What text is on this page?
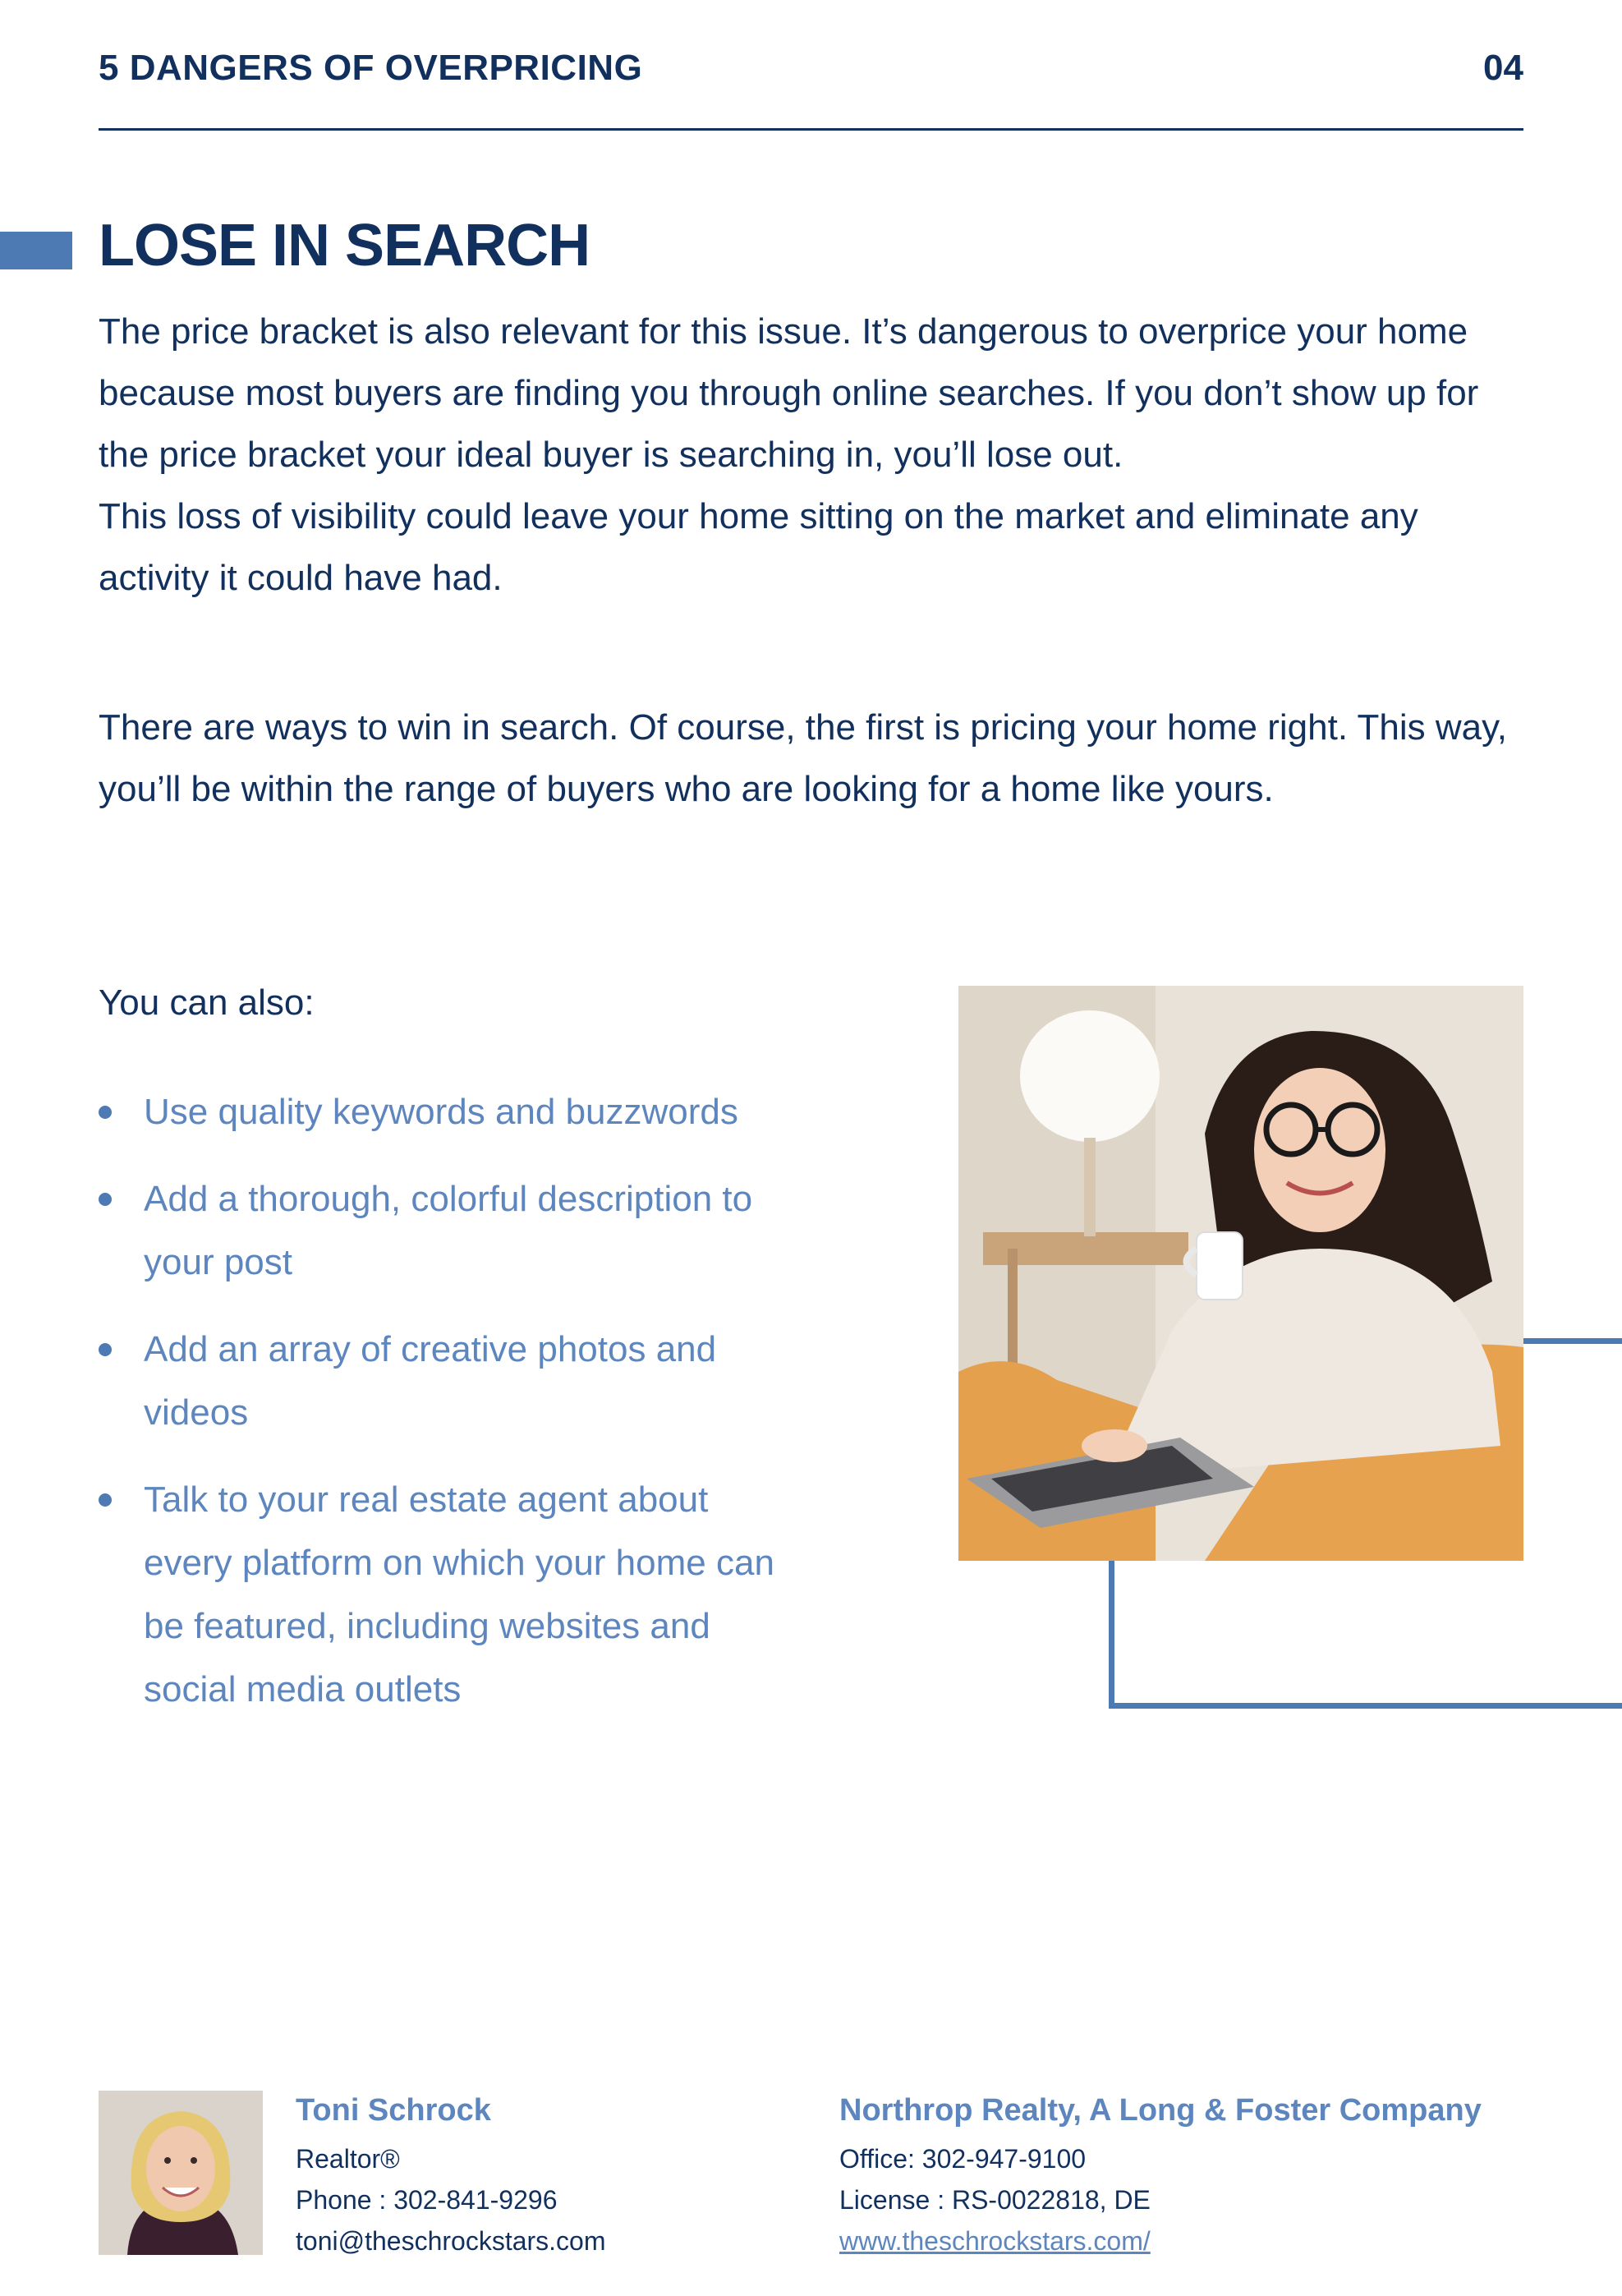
5 DANGERS OF OVERPRICING	04
LOSE IN SEARCH
The price bracket is also relevant for this issue. It’s dangerous to overprice your home because most buyers are finding you through online searches. If you don’t show up for the price bracket your ideal buyer is searching in, you’ll lose out.
This loss of visibility could leave your home sitting on the market and eliminate any activity it could have had.
There are ways to win in search. Of course, the first is pricing your home right. This way, you’ll be within the range of buyers who are looking for a home like yours.
You can also:
Use quality keywords and buzzwords
Add a thorough, colorful description to your post
Add an array of creative photos and videos
Talk to your real estate agent about every platform on which your home can be featured, including websites and social media outlets
Toni Schrock
Realtor®
Phone : 302-841-9296
toni@theschrockstars.com
Northrop Realty, A Long & Foster Company
Office: 302-947-9100
License : RS-0022818, DE
www.theschrockstars.com/
